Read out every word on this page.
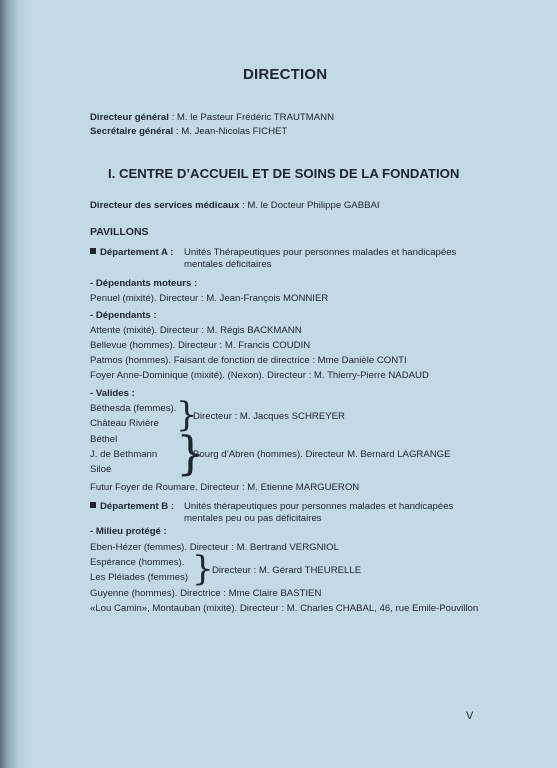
DIRECTION
Directeur général : M. le Pasteur Frédéric TRAUTMANN
Secrétaire général : M. Jean-Nicolas FICHET
I. CENTRE D’ACCUEIL ET DE SOINS DE LA FONDATION
Directeur des services médicaux : M. le Docteur Philippe GABBAI
PAVILLONS
Département A : Unités Thérapeutiques pour personnes malades et handicapées
mentales déficitaires
- Dépendants moteurs :
Penuel (mixité). Directeur : M. Jean-François MONNIER
- Dépendants :
Attente (mixité). Directeur : M. Régis BACKMANN
Bellevue (hommes). Directeur : M. Francis COUDIN
Patmos (hommes). Faisant de fonction de directrice : Mme Danièle CONTI
Foyer Anne-Dominique (mixité). (Nexon). Directeur : M. Thierry-Pierre NADAUD
- Valides :
Béthesda (femmes).
Château Rivière }
Directeur : M. Jacques SCHREYER
Béthel
J. de Bethmann
Siloé }
Bourg d’Abren (hommes). Directeur M. Bernard LAGRANGE
Futur Foyer de Roumare. Directeur : M. Etienne MARGUERON
Département B : Unités thérapeutiques pour personnes malades et handicapées
mentales peu ou pas déficitaires
- Milieu protégé :
Eben-Hézer (femmes). Directeur : M. Bertrand VERGNIOL
Espérance (hommes).
Les Pléiades (femmes) }
Directeur : M. Gérard THEURELLE
Guyenne (hommes). Directrice : Mme Claire BASTIEN
«Lou Camin», Montauban (mixité). Directeur : M. Charles CHABAL, 46, rue Emile-Pouvillon
V
